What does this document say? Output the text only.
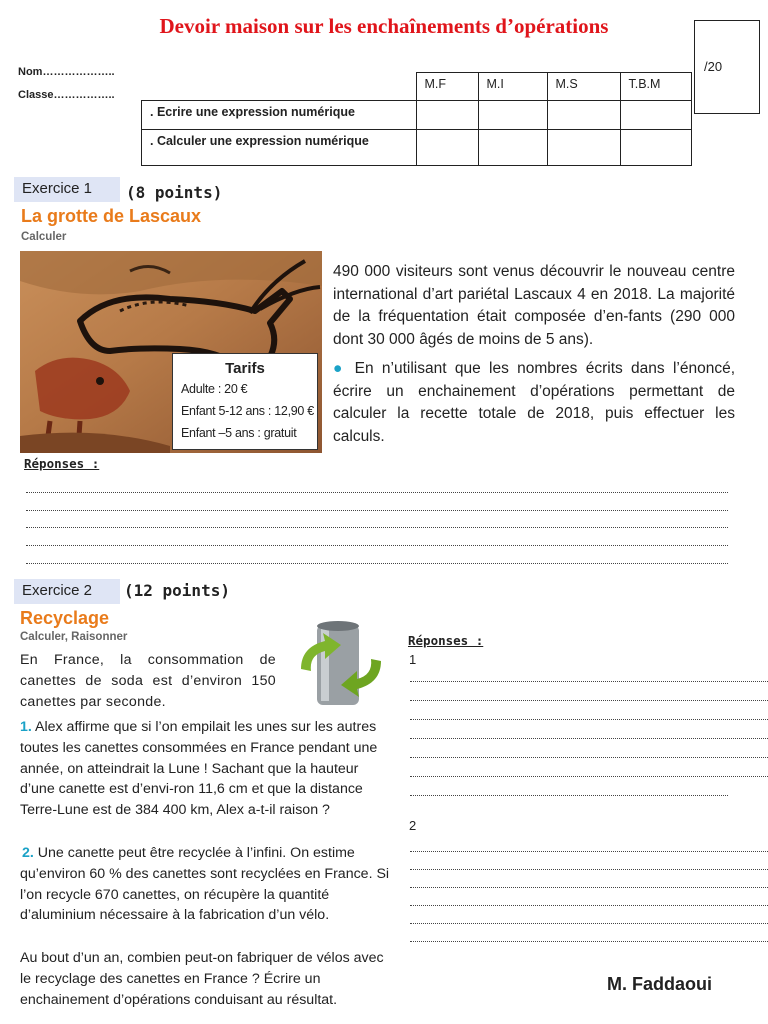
Devoir maison sur les enchaînements d’opérations
/20
Nom………………..
Classe……………..
	M.F	M.I	M.S	T.B.M
. Ecrire une expression numérique				
. Calculer une expression numérique				
Exercice 1	(8 points)
La grotte de Lascaux
Calculer
Tarifs
Adulte : 20 €
Enfant 5-12 ans : 12,90 €
Enfant –5 ans : gratuit
490 000 visiteurs sont venus découvrir le nouveau centre international d’art pariétal Lascaux 4 en 2018. La majorité de la fréquentation était composée d’en-fants (290 000 dont 30 000 âgés de moins de 5 ans).
● En n’utilisant que les nombres écrits dans l’énoncé, écrire un enchainement d’opérations permettant de calculer la recette totale de 2018, puis effectuer les calculs.
Réponses :
Exercice 2	(12 points)
Recyclage
Calculer, Raisonner
En France, la consommation de canettes de soda est d’environ 150 canettes par seconde.
1. Alex affirme que si l’on empilait les unes sur les autres toutes les canettes consommées en France pendant une année, on atteindrait la Lune ! Sachant que la hauteur d’une canette est d’envi-ron 11,6 cm et que la distance Terre-Lune est de 384 400 km, Alex a-t-il raison ?
2. Une canette peut être recyclée à l’infini. On estime qu’environ 60 % des canettes sont recyclées en France. Si l’on recycle 670 canettes, on récupère la quantité d’aluminium nécessaire à la fabrication d’un vélo.
Au bout d’un an, combien peut-on fabriquer de vélos avec le recyclage des canettes en France ? Écrire un enchainement d’opérations conduisant au résultat.
Réponses :
1
2
M. Faddaoui
